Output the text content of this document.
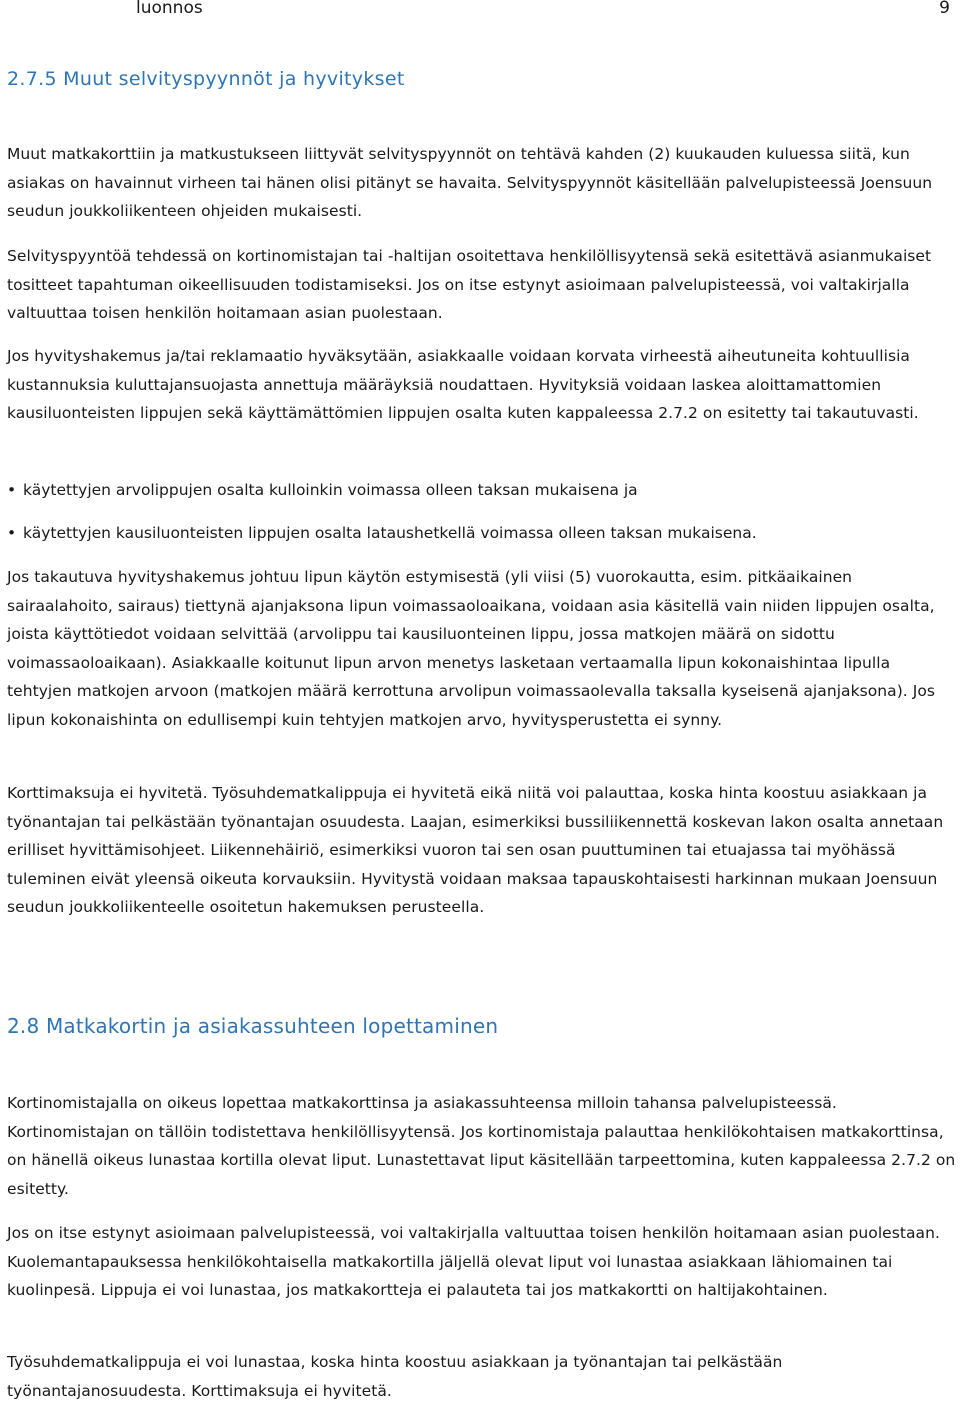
luonnos	9
2.7.5 Muut selvityspyynnöt ja hyvitykset

Muut matkakorttiin ja matkustukseen liittyvät selvityspyynnöt on tehtävä kahden (2) kuukauden kuluessa siitä, kun asiakas on havainnut virheen tai hänen olisi pitänyt se havaita. Selvityspyynnöt käsitellään palvelupisteessä Joensuun seudun joukkoliikenteen ohjeiden mukaisesti.

Selvityspyyntöä tehdessä on kortinomistajan tai -haltijan osoitettava henkilöllisyytensä sekä esitettävä asianmukaiset tositteet tapahtuman oikeellisuuden todistamiseksi. Jos on itse estynyt asioimaan palvelupisteessä, voi valtakirjalla valtuuttaa toisen henkilön hoitamaan asian puolestaan.

Jos hyvityshakemus ja/tai reklamaatio hyväksytään, asiakkaalle voidaan korvata virheestä aiheutuneita kohtuullisia kustannuksia kuluttajansuojasta annettuja määräyksiä noudattaen. Hyvityksiä voidaan laskea aloittamattomien kausiluonteisten lippujen sekä käyttämättömien lippujen osalta kuten kappaleessa 2.7.2 on esitetty tai takautuvasti.

• käytettyjen arvolippujen osalta kulloinkin voimassa olleen taksan mukaisena ja
• käytettyjen kausiluonteisten lippujen osalta lataushetkellä voimassa olleen taksan mukaisena.

Jos takautuva hyvityshakemus johtuu lipun käytön estymisestä (yli viisi (5) vuorokautta, esim. pitkäaikainen sairaalahoito, sairaus) tiettynä ajanjaksona lipun voimassaoloaikana, voidaan asia käsitellä vain niiden lippujen osalta, joista käyttötiedot voidaan selvittää (arvolippu tai kausiluonteinen lippu, jossa matkojen määrä on sidottu voimassaoloaikaan). Asiakkaalle koitunut lipun arvon menetys lasketaan vertaamalla lipun kokonaishintaa lipulla tehtyjen matkojen arvoon (matkojen määrä kerrottuna arvolipun voimassaolevalla taksalla kyseisenä ajanjaksona). Jos lipun kokonaishinta on edullisempi kuin tehtyjen matkojen arvo, hyvitysperustetta ei synny.

Korttimaksuja ei hyvitetä. Työsuhdematkalippuja ei hyvitetä eikä niitä voi palauttaa, koska hinta koostuu asiakkaan ja työnantajan tai pelkästään työnantajan osuudesta. Laajan, esimerkiksi bussiliikennettä koskevan lakon osalta annetaan erilliset hyvittämisohjeet. Liikennehäiriö, esimerkiksi vuoron tai sen osan puuttuminen tai etuajassa tai myöhässä tuleminen eivät yleensä oikeuta korvauksiin. Hyvitystä voidaan maksaa tapauskohtaisesti harkinnan mukaan Joensuun seudun joukkoliikenteelle osoitetun hakemuksen perusteella.

2.8 Matkakortin ja asiakassuhteen lopettaminen

Kortinomistajalla on oikeus lopettaa matkakorttinsa ja asiakassuhteensa milloin tahansa palvelupisteessä. Kortinomistajan on tällöin todistettava henkilöllisyytensä. Jos kortinomistaja palauttaa henkilökohtaisen matkakorttinsa, on hänellä oikeus lunastaa kortilla olevat liput. Lunastettavat liput käsitellään tarpeettomina, kuten kappaleessa 2.7.2 on esitetty.

Jos on itse estynyt asioimaan palvelupisteessä, voi valtakirjalla valtuuttaa toisen henkilön hoitamaan asian puolestaan. Kuolemantapauksessa henkilökohtaisella matkakortilla jäljellä olevat liput voi lunastaa asiakkaan lähiomainen tai kuolinpesä. Lippuja ei voi lunastaa, jos matkakortteja ei palauteta tai jos matkakortti on haltijakohtainen.

Työsuhdematkalippuja ei voi lunastaa, koska hinta koostuu asiakkaan ja työnantajan tai pelkästään työnantajanosuudesta. Korttimaksuja ei hyvitetä.
